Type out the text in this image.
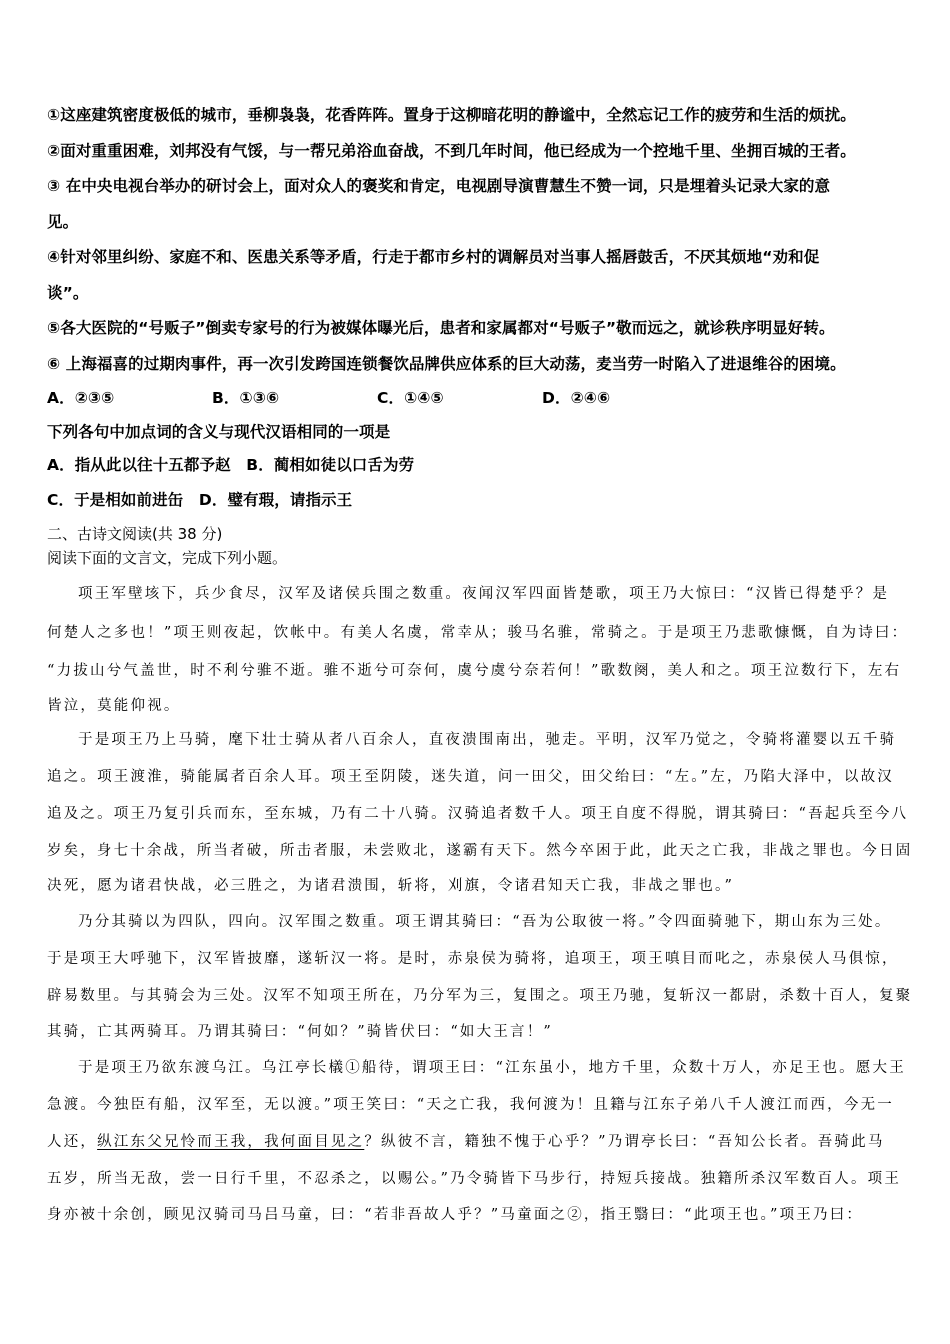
①这座建筑密度极低的城市，垂柳袅袅，花香阵阵。置身于这柳暗花明的静谧中，全然忘记工作的疲劳和生活的烦扰。
②面对重重困难，刘邦没有气馁，与一帮兄弟浴血奋战，不到几年时间，他已经成为一个控地千里、坐拥百城的王者。
③ 在中央电视台举办的研讨会上，面对众人的褒奖和肯定，电视剧导演曹慧生不赞一词，只是埋着头记录大家的意
见。
④针对邻里纠纷、家庭不和、医患关系等矛盾，行走于都市乡村的调解员对当事人摇唇鼓舌，不厌其烦地“劝和促
谈”。
⑤各大医院的“号贩子”倒卖专家号的行为被媒体曝光后，患者和家属都对“号贩子”敬而远之，就诊秩序明显好转。
⑥ 上海福喜的过期肉事件，再一次引发跨国连锁餐饮品牌供应体系的巨大动荡，麦当劳一时陷入了进退维谷的困境。
A．②③⑤	B．①③⑥	C．①④⑤	D．②④⑥
下列各句中加点词的含义与现代汉语相同的一项是
A．指从此以往十五都予赵　B．蔺相如徒以口舌为劳
C．于是相如前进缶　D．璧有瑕，请指示王
二、古诗文阅读(共 38 分)
阅读下面的文言文，完成下列小题。
项王军壁垓下，兵少食尽，汉军及诸侯兵围之数重。夜闻汉军四面皆楚歌，项王乃大惊曰：“汉皆已得楚乎？是
何楚人之多也！”项王则夜起，饮帐中。有美人名虞，常幸从；骏马名骓，常骑之。于是项王乃悲歌慷慨，自为诗曰：
“力拔山兮气盖世，时不利兮骓不逝。骓不逝兮可奈何，虞兮虞兮奈若何！”歌数阕，美人和之。项王泣数行下，左右
皆泣，莫能仰视。
于是项王乃上马骑，麾下壮士骑从者八百余人，直夜溃围南出，驰走。平明，汉军乃觉之，令骑将灌婴以五千骑
追之。项王渡淮，骑能属者百余人耳。项王至阴陵，迷失道，问一田父，田父绐曰：“左。”左，乃陷大泽中，以故汉
追及之。项王乃复引兵而东，至东城，乃有二十八骑。汉骑追者数千人。项王自度不得脱，谓其骑曰：“吾起兵至今八
岁矣，身七十余战，所当者破，所击者服，未尝败北，遂霸有天下。然今卒困于此，此天之亡我，非战之罪也。今日固
决死，愿为诸君快战，必三胜之，为诸君溃围，斩将，刈旗，令诸君知天亡我，非战之罪也。”
乃分其骑以为四队，四向。汉军围之数重。项王谓其骑曰：“吾为公取彼一将。”令四面骑驰下，期山东为三处。
于是项王大呼驰下，汉军皆披靡，遂斩汉一将。是时，赤泉侯为骑将，追项王，项王嗔目而叱之，赤泉侯人马俱惊，
辟易数里。与其骑会为三处。汉军不知项王所在，乃分军为三，复围之。项王乃驰，复斩汉一都尉，杀数十百人，复聚
其骑，亡其两骑耳。乃谓其骑曰：“何如？”骑皆伏曰：“如大王言！”
于是项王乃欲东渡乌江。乌江亭长檥①船待，谓项王曰：“江东虽小，地方千里，众数十万人，亦足王也。愿大王
急渡。今独臣有船，汉军至，无以渡。”项王笑曰：“天之亡我，我何渡为！且籍与江东子弟八千人渡江而西，今无一
人还，纵江东父兄怜而王我，我何面目见之？纵彼不言，籍独不愧于心乎？”乃谓亭长曰：“吾知公长者。吾骑此马
五岁，所当无敌，尝一日行千里，不忍杀之，以赐公。”乃令骑皆下马步行，持短兵接战。独籍所杀汉军数百人。项王
身亦被十余创，顾见汉骑司马吕马童，曰：“若非吾故人乎？”马童面之②，指王翳曰：“此项王也。”项王乃曰：
